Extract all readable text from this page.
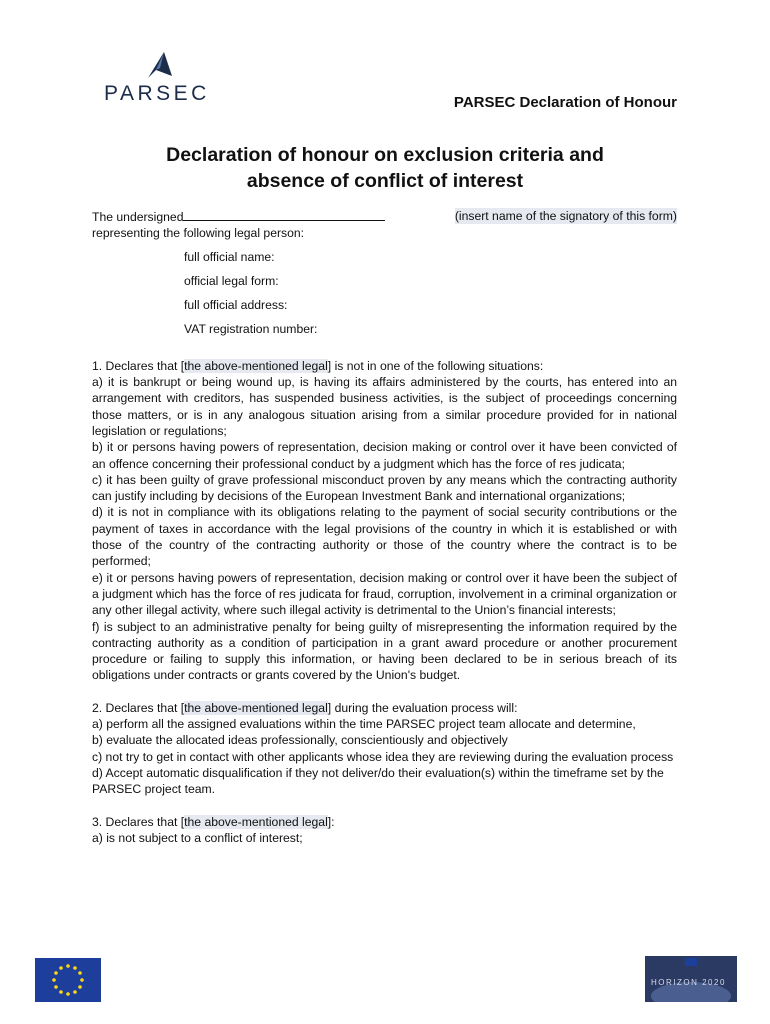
PARSEC	PARSEC Declaration of Honour
Declaration of honour on exclusion criteria and
absence of conflict of interest

The undersigned	(insert name of the signatory of this form)

representing the following legal person:

full official name:
official legal form:
full official address:
VAT registration number:

1. Declares that [the above-mentioned legal] is not in one of the following situations:

a) it is bankrupt or being wound up, is having its affairs administered by the courts, has entered into an arrangement with creditors, has suspended business activities, is the subject of proceedings concerning those matters, or is in any analogous situation arising from a similar procedure provided for in national legislation or regulations;

b) it or persons having powers of representation, decision making or control over it have been convicted of an offence concerning their professional conduct by a judgment which has the force of res judicata;

c) it has been guilty of grave professional misconduct proven by any means which the contracting authority can justify including by decisions of the European Investment Bank and international organizations;

d) it is not in compliance with its obligations relating to the payment of social security contributions or the payment of taxes in accordance with the legal provisions of the country in which it is established or with those of the country of the contracting authority or those of the country where the contract is to be performed;

e) it or persons having powers of representation, decision making or control over it have been the subject of a judgment which has the force of res judicata for fraud, corruption, involvement in a criminal organization or any other illegal activity, where such illegal activity is detrimental to the Union’s financial interests;

f) is subject to an administrative penalty for being guilty of misrepresenting the information required by the contracting authority as a condition of participation in a grant award procedure or another procurement procedure or failing to supply this information, or having been declared to be in serious breach of its obligations under contracts or grants covered by the Union's budget.

2. Declares that [the above-mentioned legal] during the evaluation process will:

a) perform all the assigned evaluations within the time PARSEC project team allocate and determine,

b) evaluate the allocated ideas professionally, conscientiously and objectively

c) not try to get in contact with other applicants whose idea they are reviewing during the evaluation process

d) Accept automatic disqualification if they not deliver/do their evaluation(s) within the timeframe set by the PARSEC project team.

3. Declares that [the above-mentioned legal]:

a) is not subject to a conflict of interest;

HORIZON 2020
